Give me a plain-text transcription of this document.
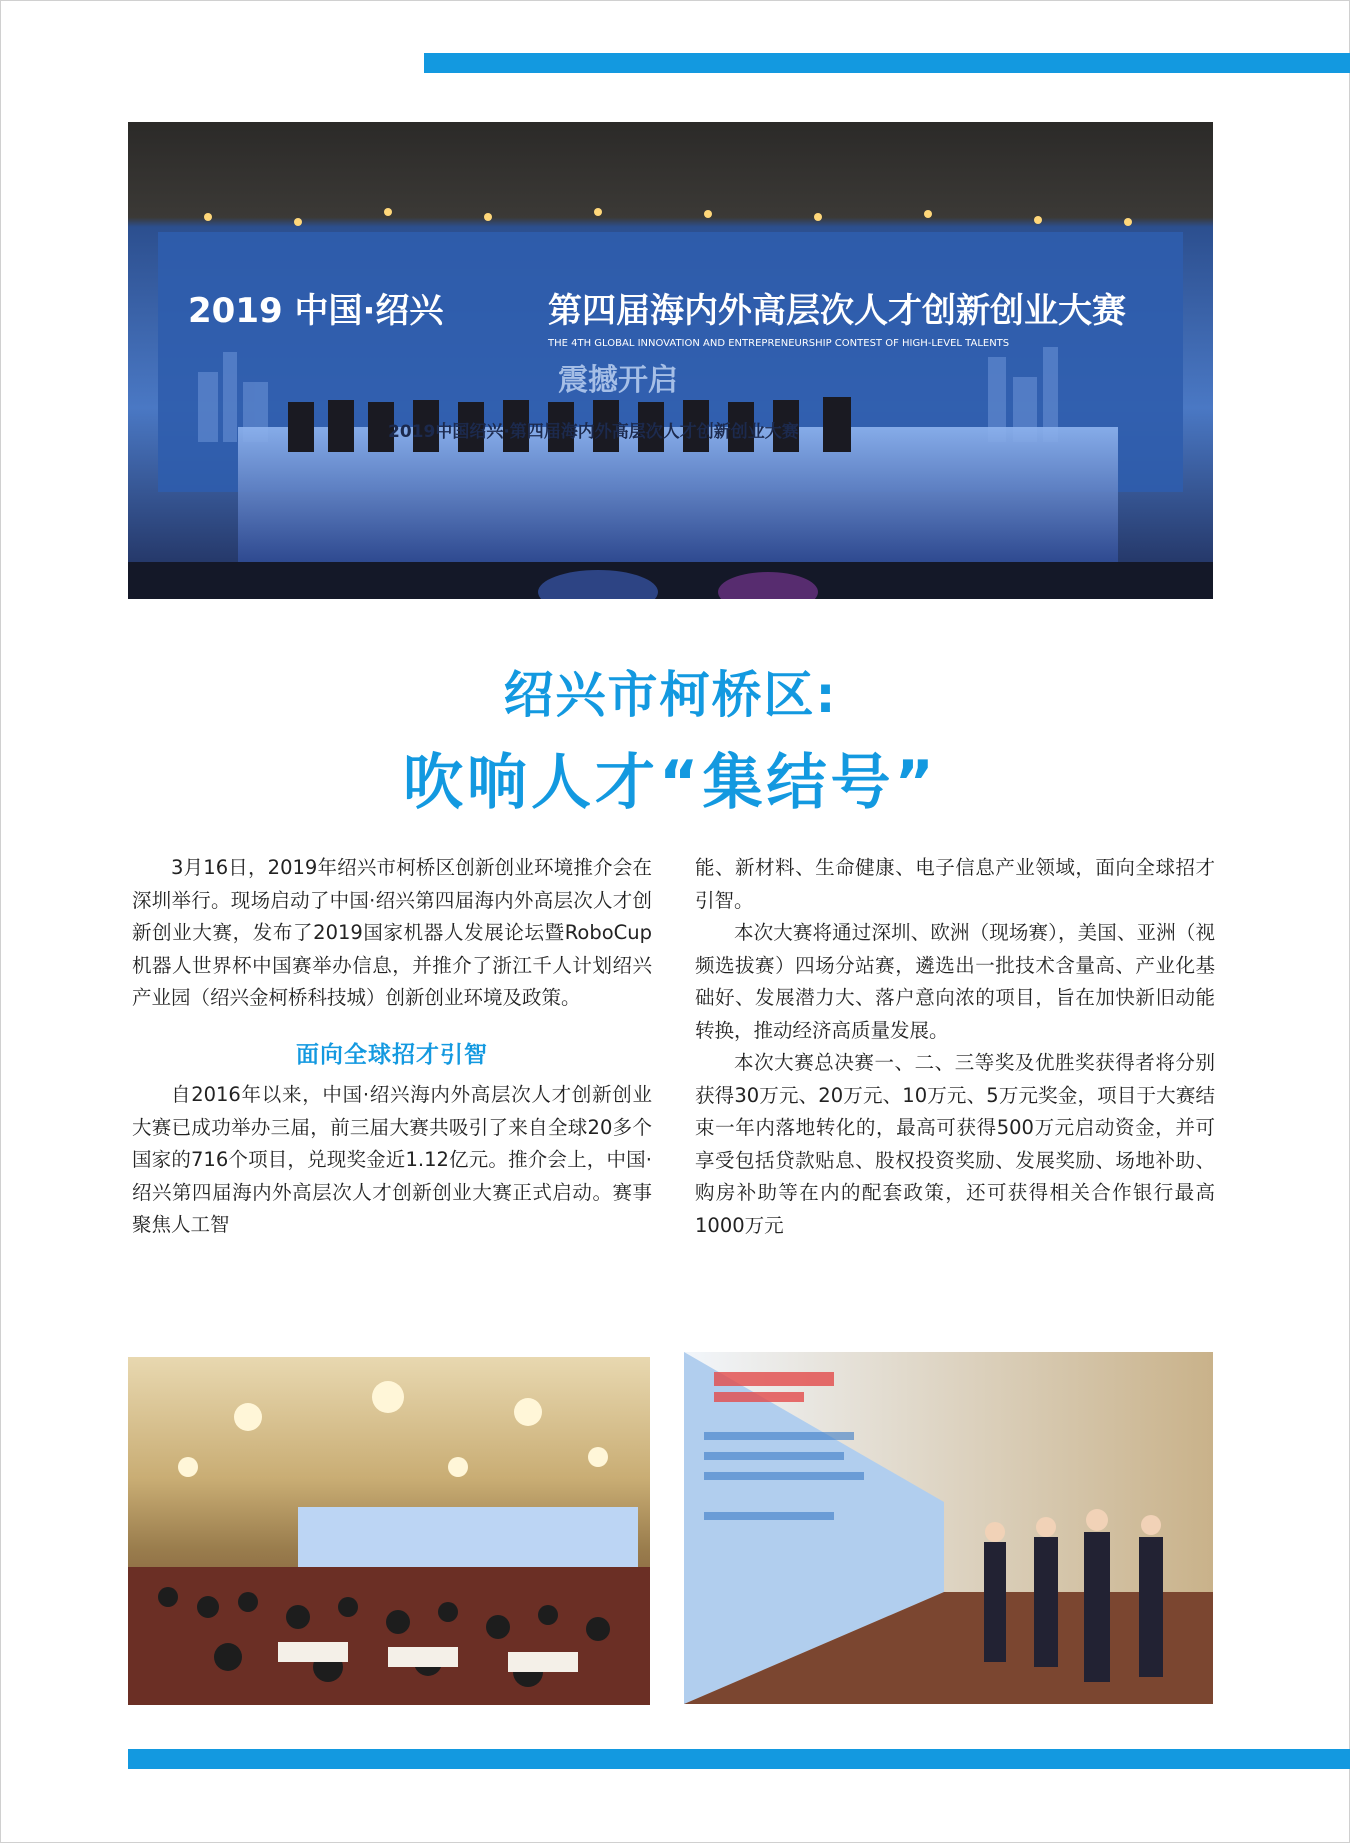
2019 中国·绍兴	第四届海内外高层次人才创新创业大赛
THE 4TH GLOBAL INNOVATION AND ENTREPRENEURSHIP CONTEST OF HIGH-LEVEL TALENTS
震撼开启
2019中国绍兴·第四届海内外高层次人才创新创业大赛
绍兴市柯桥区:
吹响人才“集结号”

3月16日，2019年绍兴市柯桥区创新创业环境推介会在深圳举行。现场启动了中国·绍兴第四届海内外高层次人才创新创业大赛，发布了2019国家机器人发展论坛暨RoboCup机器人世界杯中国赛举办信息，并推介了浙江千人计划绍兴产业园（绍兴金柯桥科技城）创新创业环境及政策。

面向全球招才引智

自2016年以来，中国·绍兴海内外高层次人才创新创业大赛已成功举办三届，前三届大赛共吸引了来自全球20多个国家的716个项目，兑现奖金近1.12亿元。推介会上，中国·绍兴第四届海内外高层次人才创新创业大赛正式启动。赛事聚焦人工智

能、新材料、生命健康、电子信息产业领域，面向全球招才引智。

本次大赛将通过深圳、欧洲（现场赛），美国、亚洲（视频选拔赛）四场分站赛，遴选出一批技术含量高、产业化基础好、发展潜力大、落户意向浓的项目，旨在加快新旧动能转换，推动经济高质量发展。

本次大赛总决赛一、二、三等奖及优胜奖获得者将分别获得30万元、20万元、10万元、5万元奖金，项目于大赛结束一年内落地转化的，最高可获得500万元启动资金，并可享受包括贷款贴息、股权投资奖励、发展奖励、场地补助、购房补助等在内的配套政策，还可获得相关合作银行最高1000万元
